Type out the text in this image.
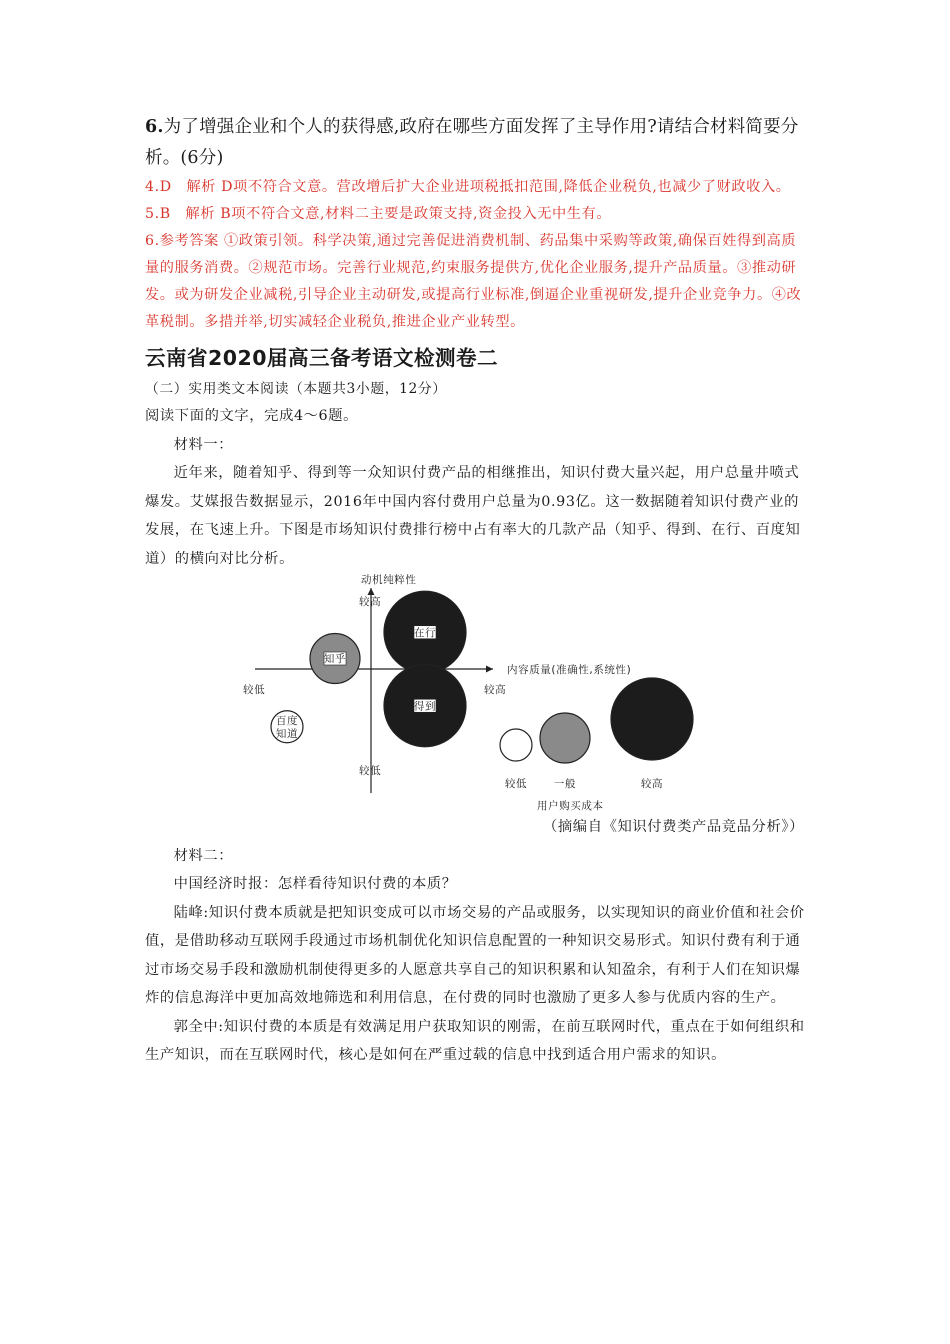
6.为了增强企业和个人的获得感,政府在哪些方面发挥了主导作用?请结合材料简要分析。(6分)

4.D　解析 D项不符合文意。营改增后扩大企业进项税抵扣范围,降低企业税负,也减少了财政收入。

5.B　解析 B项不符合文意,材料二主要是政策支持,资金投入无中生有。

6.参考答案 ①政策引领。科学决策,通过完善促进消费机制、药品集中采购等政策,确保百姓得到高质量的服务消费。②规范市场。完善行业规范,约束服务提供方,优化企业服务,提升产品质量。③推动研发。或为研发企业减税,引导企业主动研发,或提高行业标准,倒逼企业重视研发,提升企业竞争力。④改革税制。多措并举,切实减轻企业税负,推进企业产业转型。

云南省2020届高三备考语文检测卷二

（二）实用类文本阅读（本题共3小题，12分）

阅读下面的文字，完成4～6题。

材料一：

近年来，随着知乎、得到等一众知识付费产品的相继推出，知识付费大量兴起，用户总量井喷式爆发。艾媒报告数据显示，2016年中国内容付费用户总量为0.93亿。这一数据随着知识付费产业的发展，在飞速上升。下图是市场知识付费排行榜中占有率大的几款产品（知乎、得到、在行、百度知道）的横向对比分析。

动机纯粹性
较高
较低
较低	较高
内容质量(准确性,系统性)
在行
知乎
得到
百度
知道
较低	一般	较高
用户购买成本

（摘编自《知识付费类产品竞品分析》）

材料二：

中国经济时报：怎样看待知识付费的本质？

陆峰:知识付费本质就是把知识变成可以市场交易的产品或服务，以实现知识的商业价值和社会价值，是借助移动互联网手段通过市场机制优化知识信息配置的一种知识交易形式。知识付费有利于通过市场交易手段和激励机制使得更多的人愿意共享自己的知识积累和认知盈余，有利于人们在知识爆炸的信息海洋中更加高效地筛选和利用信息，在付费的同时也激励了更多人参与优质内容的生产。

郭全中:知识付费的本质是有效满足用户获取知识的刚需，在前互联网时代，重点在于如何组织和生产知识，而在互联网时代，核心是如何在严重过载的信息中找到适合用户需求的知识。
